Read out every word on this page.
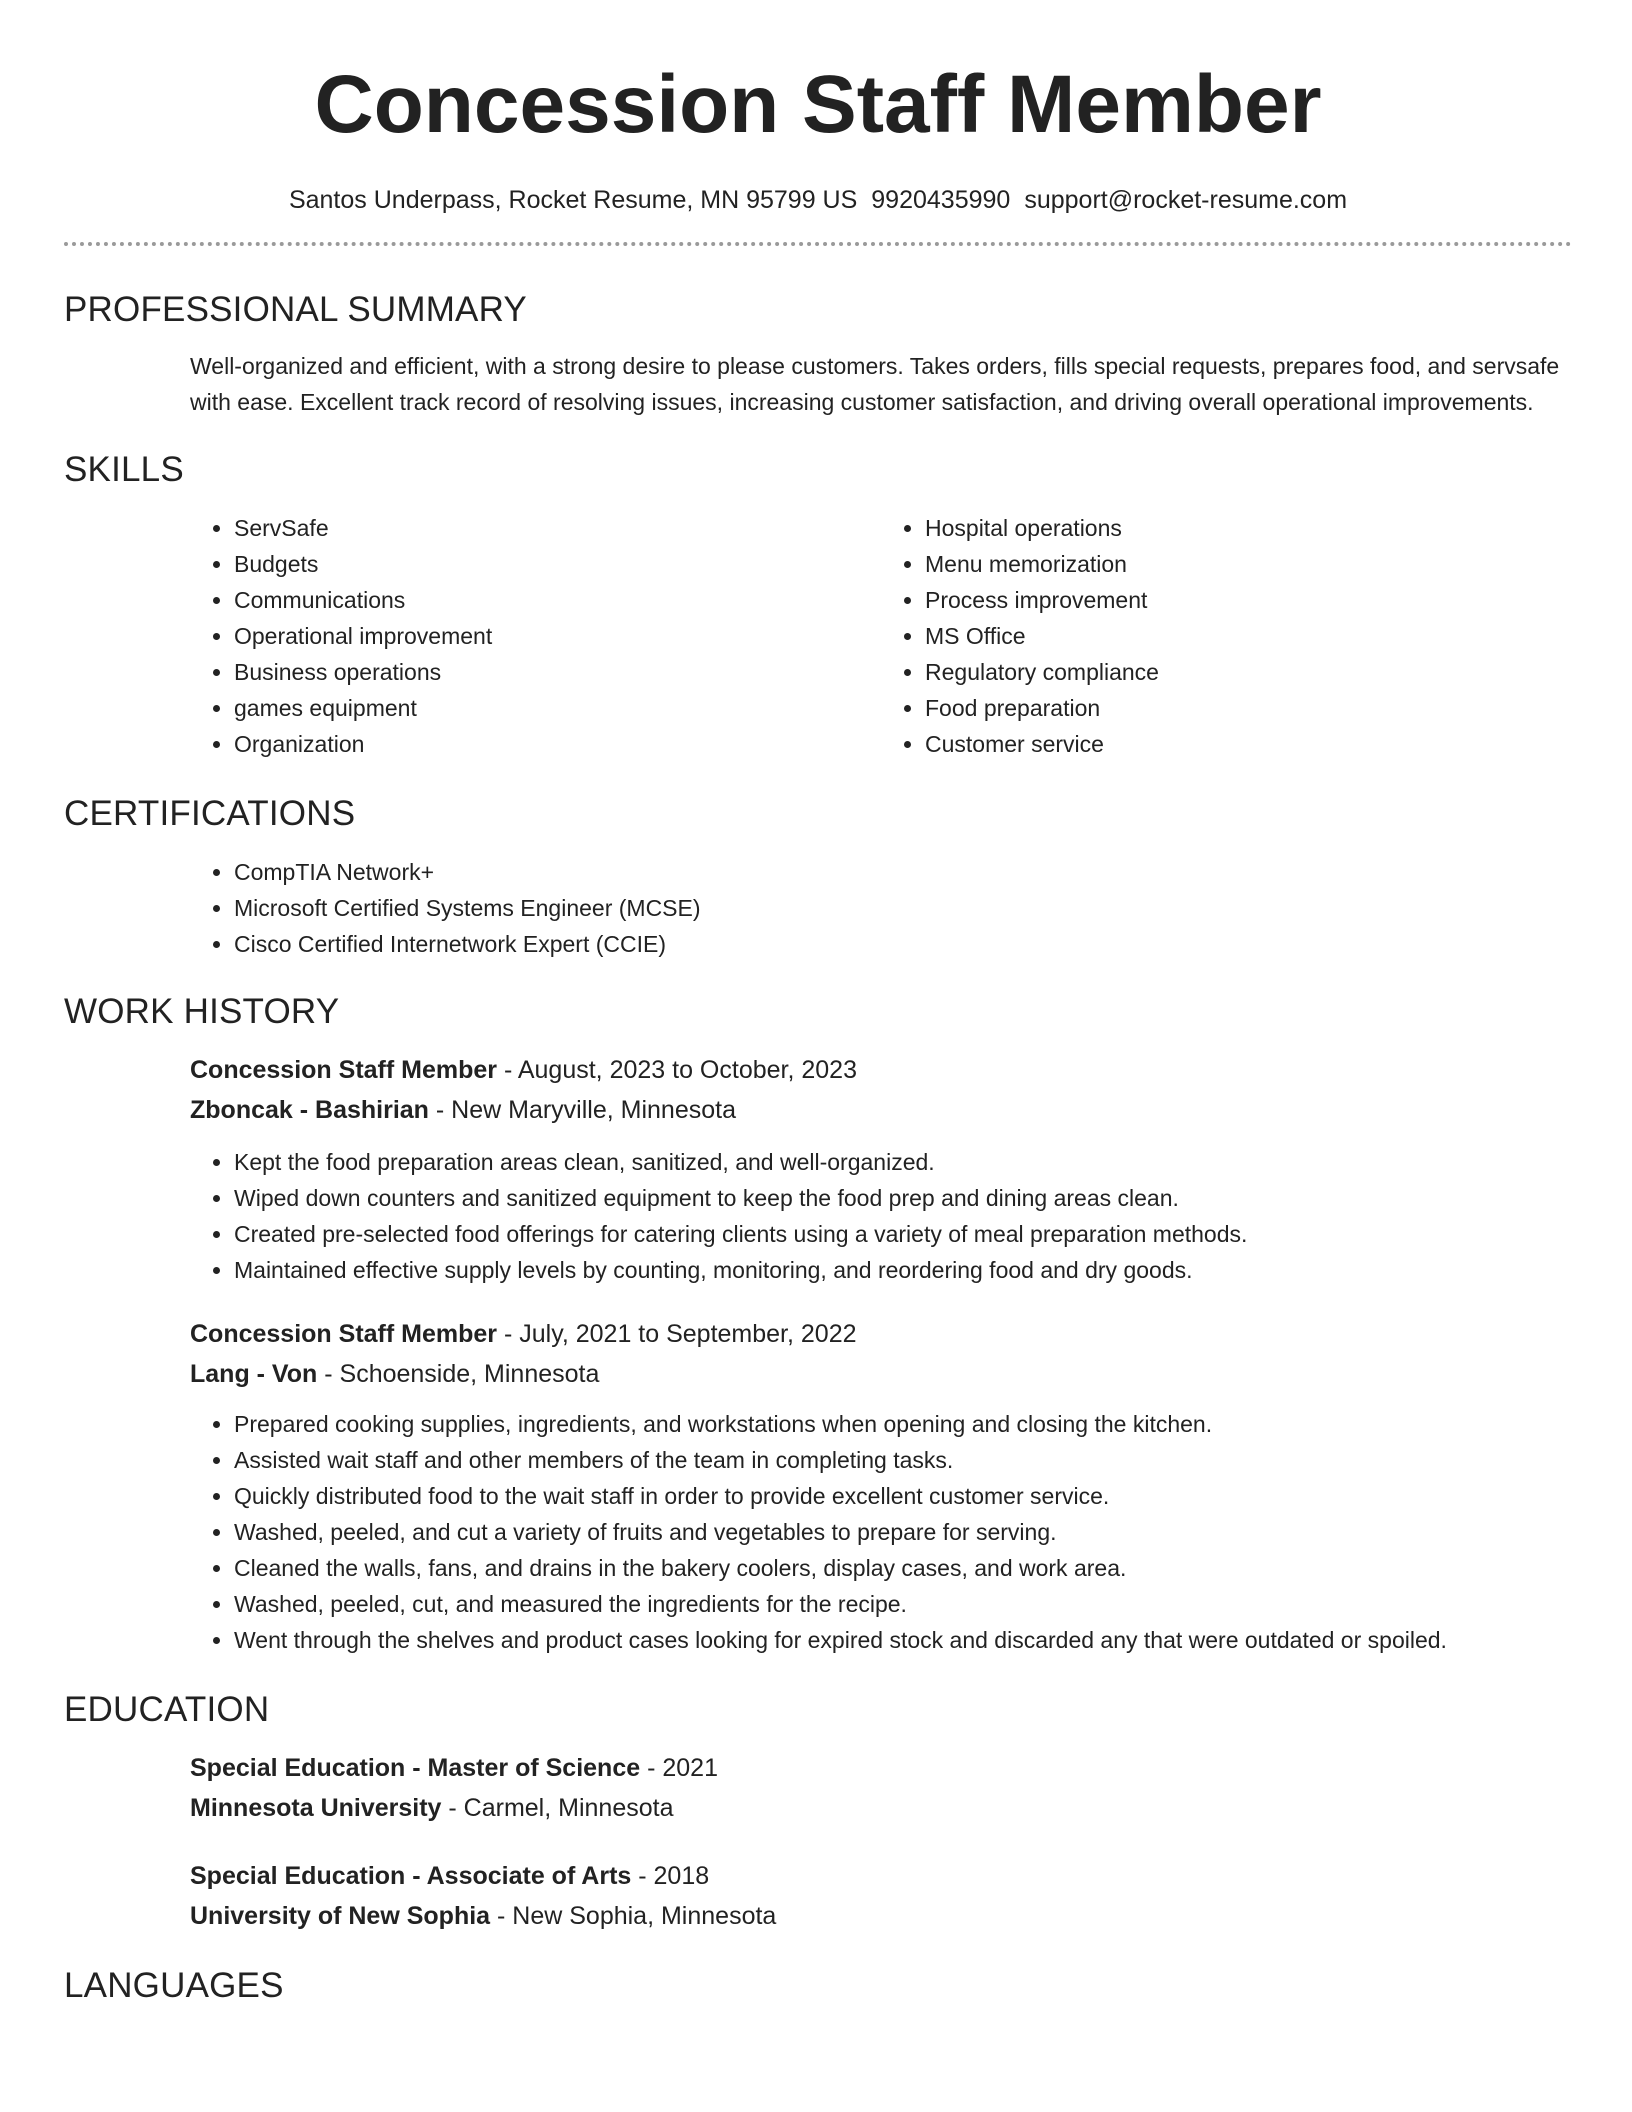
Concession Staff Member
Santos Underpass, Rocket Resume, MN 95799 US 9920435990 support@rocket-resume.com
PROFESSIONAL SUMMARY
Well-organized and efficient, with a strong desire to please customers. Takes orders, fills special requests, prepares food, and servsafe with ease. Excellent track record of resolving issues, increasing customer satisfaction, and driving overall operational improvements.
SKILLS
• ServSafe
• Budgets
• Communications
• Operational improvement
• Business operations
• games equipment
• Organization
• Hospital operations
• Menu memorization
• Process improvement
• MS Office
• Regulatory compliance
• Food preparation
• Customer service
CERTIFICATIONS
• CompTIA Network+
• Microsoft Certified Systems Engineer (MCSE)
• Cisco Certified Internetwork Expert (CCIE)
WORK HISTORY
Concession Staff Member - August, 2023 to October, 2023
Zboncak - Bashirian - New Maryville, Minnesota
• Kept the food preparation areas clean, sanitized, and well-organized.
• Wiped down counters and sanitized equipment to keep the food prep and dining areas clean.
• Created pre-selected food offerings for catering clients using a variety of meal preparation methods.
• Maintained effective supply levels by counting, monitoring, and reordering food and dry goods.
Concession Staff Member - July, 2021 to September, 2022
Lang - Von - Schoenside, Minnesota
• Prepared cooking supplies, ingredients, and workstations when opening and closing the kitchen.
• Assisted wait staff and other members of the team in completing tasks.
• Quickly distributed food to the wait staff in order to provide excellent customer service.
• Washed, peeled, and cut a variety of fruits and vegetables to prepare for serving.
• Cleaned the walls, fans, and drains in the bakery coolers, display cases, and work area.
• Washed, peeled, cut, and measured the ingredients for the recipe.
• Went through the shelves and product cases looking for expired stock and discarded any that were outdated or spoiled.
EDUCATION
Special Education - Master of Science - 2021
Minnesota University - Carmel, Minnesota
Special Education - Associate of Arts - 2018
University of New Sophia - New Sophia, Minnesota
LANGUAGES
